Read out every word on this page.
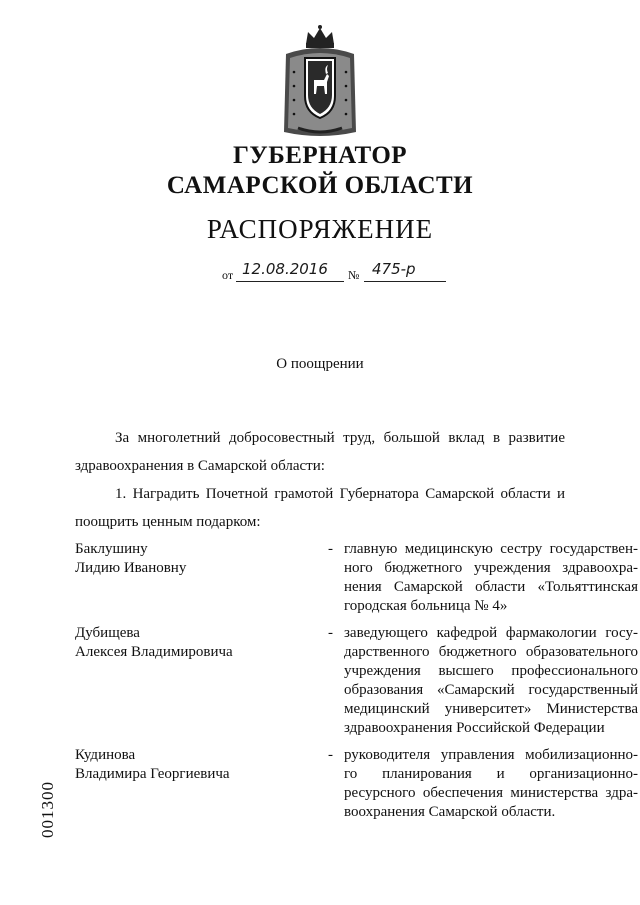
ГУБЕРНАТОР
САМАРСКОЙ ОБЛАСТИ
РАСПОРЯЖЕНИЕ
от 12.08.2016 № 475-р
О поощрении
За многолетний добросовестный труд, большой вклад в развитие
здравоохранения в Самарской области:
1. Наградить Почетной грамотой Губернатора Самарской области и
поощрить ценным подарком:
Баклушину
Лидию Ивановну
- главную медицинскую сестру государствен-
ного бюджетного учреждения здравоохра-
нения Самарской области «Тольяттинская
городская больница № 4»
Дубищева
Алексея Владимировича
- заведующего кафедрой фармакологии госу-
дарственного бюджетного образовательного
учреждения высшего профессионального
образования «Самарский государственный
медицинский университет» Министерства
здравоохранения Российской Федерации
Кудинова
Владимира Георгиевича
- руководителя управления мобилизационно-
го планирования и организационно-
ресурсного обеспечения министерства здра-
воохранения Самарской области.
001300
